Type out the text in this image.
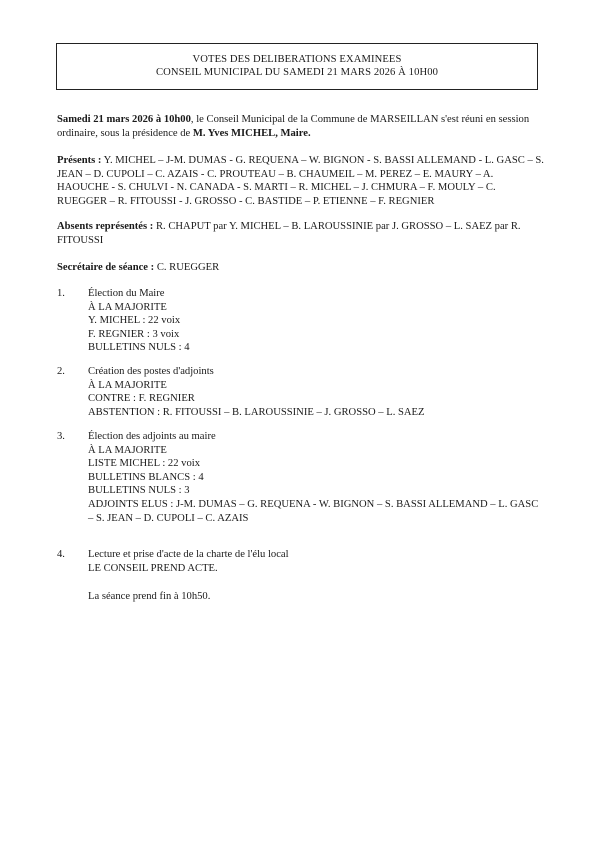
VOTES DES DELIBERATIONS EXAMINEES
CONSEIL MUNICIPAL DU SAMEDI 21 MARS 2026 À 10H00
Samedi 21 mars 2026 à 10h00, le Conseil Municipal de la Commune de MARSEILLAN s'est réuni en session ordinaire, sous la présidence de M. Yves MICHEL, Maire.
Présents : Y. MICHEL – J-M. DUMAS - G. REQUENA – W. BIGNON - S. BASSI ALLEMAND - L. GASC – S. JEAN – D. CUPOLI – C. AZAIS - C. PROUTEAU – B. CHAUMEIL – M. PEREZ – E. MAURY – A. HAOUCHE - S. CHULVI - N. CANADA - S. MARTI – R. MICHEL – J. CHMURA – F. MOULY – C. RUEGGER – R. FITOUSSI - J. GROSSO - C. BASTIDE – P. ETIENNE – F. REGNIER
Absents représentés : R. CHAPUT par Y. MICHEL – B. LAROUSSINIE par J. GROSSO – L. SAEZ par R. FITOUSSI
Secrétaire de séance : C. RUEGGER
1.	Élection du Maire
À LA MAJORITE
Y. MICHEL : 22 voix
F. REGNIER : 3 voix
BULLETINS NULS : 4
2.	Création des postes d'adjoints
À LA MAJORITE
CONTRE : F. REGNIER
ABSTENTION : R. FITOUSSI – B. LAROUSSINIE – J. GROSSO – L. SAEZ
3.	Élection des adjoints au maire
À LA MAJORITE
LISTE MICHEL : 22 voix
BULLETINS BLANCS : 4
BULLETINS NULS : 3
ADJOINTS ELUS : J-M. DUMAS – G. REQUENA - W. BIGNON – S. BASSI ALLEMAND – L. GASC – S. JEAN – D. CUPOLI – C. AZAIS
4.	Lecture et prise d'acte de la charte de l'élu local
LE CONSEIL PREND ACTE.
La séance prend fin à 10h50.
